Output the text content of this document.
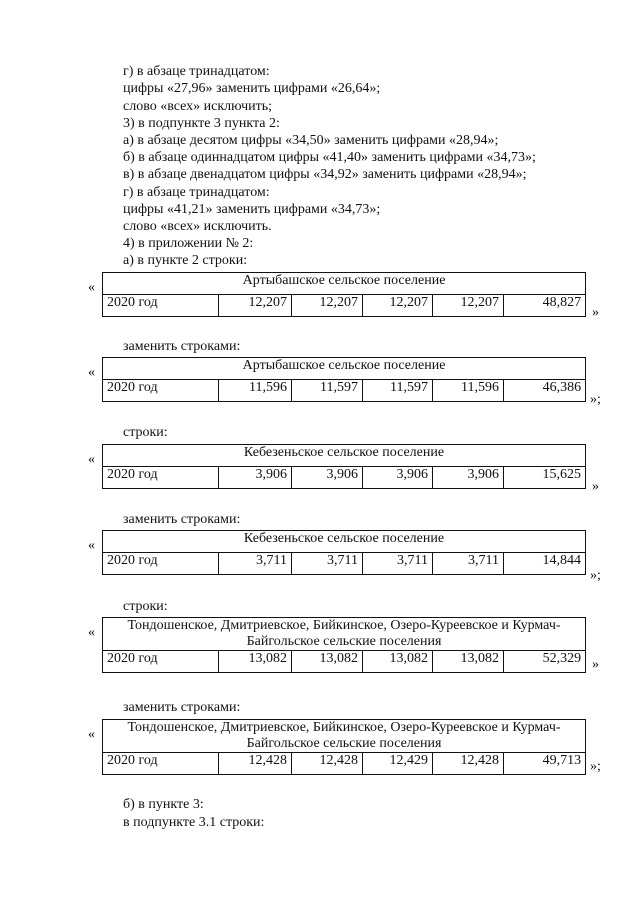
г) в абзаце тринадцатом:
цифры «27,96» заменить цифрами «26,64»;
слово «всех» исключить;
3) в подпункте 3 пункта 2:
а) в абзаце десятом цифры «34,50» заменить цифрами «28,94»;
б) в абзаце одиннадцатом цифры «41,40» заменить цифрами «34,73»;
в) в абзаце двенадцатом цифры «34,92» заменить цифрами «28,94»;
г) в абзаце тринадцатом:
цифры «41,21» заменить цифрами «34,73»;
слово «всех» исключить.
4) в приложении № 2:
а) в пункте 2 строки:
«	Артыбашское сельское поселение
2020 год	12,207	12,207	12,207	12,207	48,827
»
заменить строками:
«	Артыбашское сельское поселение
2020 год	11,596	11,597	11,597	11,596	46,386
»;
строки:
«	Кебезеньское сельское поселение
2020 год	3,906	3,906	3,906	3,906	15,625
»
заменить строками:
«	Кебезеньское сельское поселение
2020 год	3,711	3,711	3,711	3,711	14,844
»;
строки:
« Тондошенское, Дмитриевское, Бийкинское, Озеро-Куреевское и Курмач-Байгольское сельские поселения
2020 год	13,082	13,082	13,082	13,082	52,329 »
заменить строками:
« Тондошенское, Дмитриевское, Бийкинское, Озеро-Куреевское и Курмач-Байгольское сельские поселения
2020 год	12,428	12,428	12,429	12,428	49,713 »;
б) в пункте 3:
в подпункте 3.1 строки:
